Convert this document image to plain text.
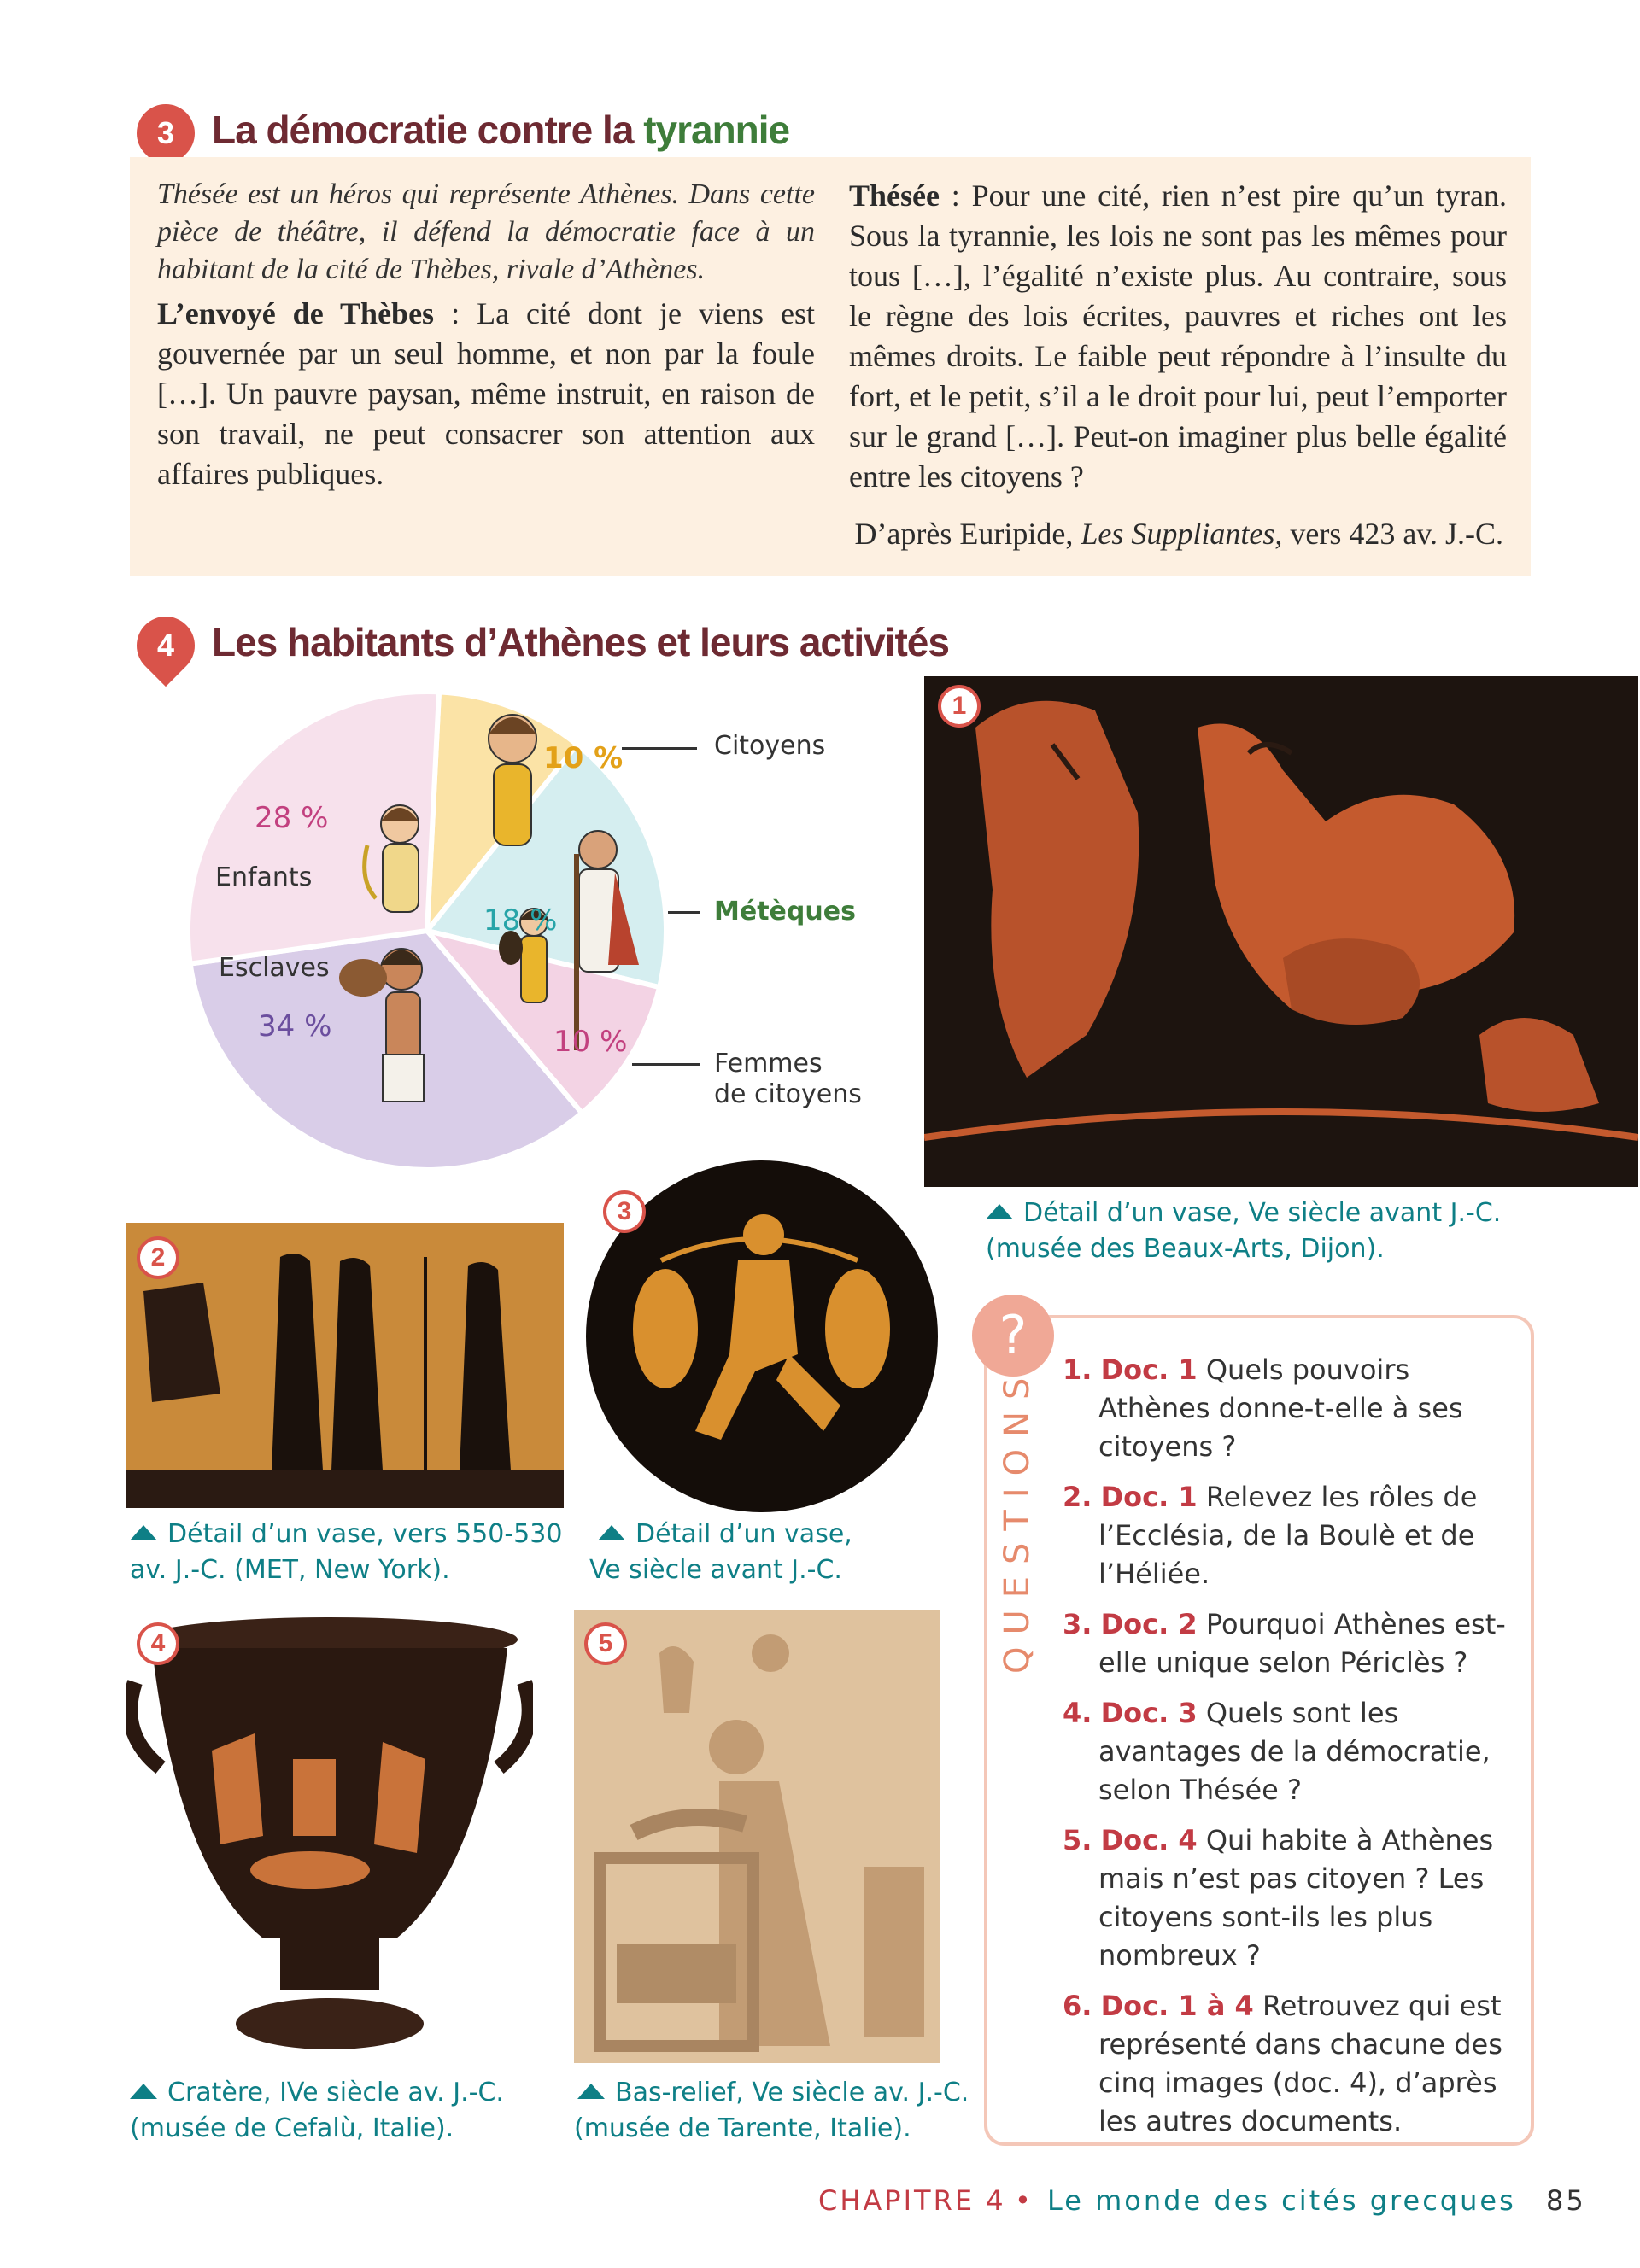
3 La démocratie contre la tyrannie

Thésée est un héros qui représente Athènes. Dans cette pièce de théâtre, il défend la démocratie face à un habitant de la cité de Thèbes, rivale d’Athènes.

L’envoyé de Thèbes : La cité dont je viens est gouvernée par un seul homme, et non par la foule […]. Un pauvre paysan, même instruit, en raison de son travail, ne peut consacrer son attention aux affaires publiques.

Thésée : Pour une cité, rien n’est pire qu’un tyran. Sous la tyrannie, les lois ne sont pas les mêmes pour tous […], l’égalité n’existe plus. Au contraire, sous le règne des lois écrites, pauvres et riches ont les mêmes droits. Le faible peut répondre à l’insulte du fort, et le petit, s’il a le droit pour lui, peut l’emporter sur le grand […]. Peut-on imaginer plus belle égalité entre les citoyens ?

D’après Euripide, Les Suppliantes, vers 423 av. J.-C.
4 Les habitants d’Athènes et leurs activités
10 %
18 %
10 %
34 %
28 %
Citoyens
Métèques
Femmes
de citoyens
Esclaves
Enfants
1
Détail d’un vase, Ve siècle avant J.-C.
(musée des Beaux-Arts, Dijon).
2
Détail d’un vase, vers 550-530
av. J.-C. (MET, New York).
3
Détail d’un vase,
Ve siècle avant J.-C.
4
Cratère, IVe siècle av. J.-C.
(musée de Cefalù, Italie).
5
Bas-relief, Ve siècle av. J.-C.
(musée de Tarente, Italie).
?
QUESTIONS 1. Doc. 1 Quels pouvoirs Athènes donne-t-elle à ses citoyens ?
2. Doc. 1 Relevez les rôles de l’Ecclésia, de la Boulè et de l’Héliée.
3. Doc. 2 Pourquoi Athènes est-elle unique selon Périclès ?
4. Doc. 3 Quels sont les avantages de la démocratie, selon Thésée ?
5. Doc. 4 Qui habite à Athènes mais n’est pas citoyen ? Les citoyens sont-ils les plus nombreux ?
6. Doc. 1 à 4 Retrouvez qui est représenté dans chacune des cinq images (doc. 4), d’après les autres documents.
CHAPITRE 4 • Le monde des cités grecques 85
